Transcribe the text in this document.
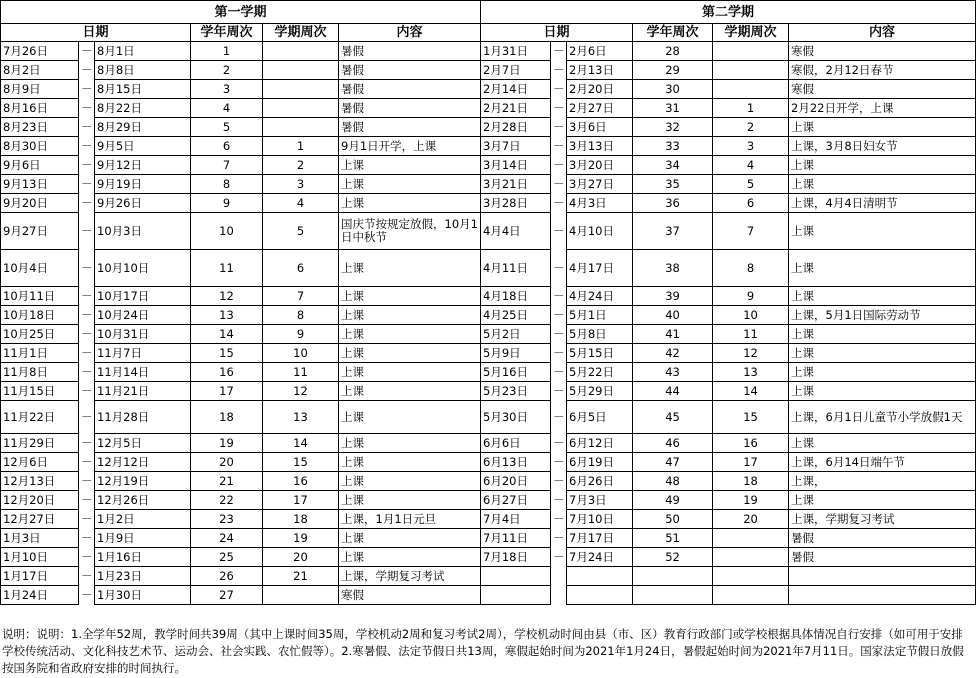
第一学期						第二学期					
日期			学年周次	学期周次	内容	日期			学年周次	学期周次	内容
7月26日	－	8月1日	1		暑假	1月31日	－	2月6日	28		寒假
8月2日	－	8月8日	2		暑假	2月7日	－	2月13日	29		寒假，2月12日春节
8月9日	－	8月15日	3		暑假	2月14日	－	2月20日	30		寒假
8月16日	－	8月22日	4		暑假	2月21日	－	2月27日	31	1	2月22日开学，上课
8月23日	－	8月29日	5		暑假	2月28日	－	3月6日	32	2	上课
8月30日	－	9月5日	6	1	9月1日开学，上课	3月7日	－	3月13日	33	3	上课，3月8日妇女节
9月6日	－	9月12日	7	2	上课	3月14日	－	3月20日	34	4	上课
9月13日	－	9月19日	8	3	上课	3月21日	－	3月27日	35	5	上课
9月20日	－	9月26日	9	4	上课	3月28日	－	4月3日	36	6	上课，4月4日清明节
9月27日	－	10月3日	10	5	国庆节按规定放假，10月1日中秋节	4月4日	－	4月10日	37	7	上课
10月4日	－	10月10日	11	6	上课	4月11日	－	4月17日	38	8	上课
10月11日	－	10月17日	12	7	上课	4月18日	－	4月24日	39	9	上课
10月18日	－	10月24日	13	8	上课	4月25日	－	5月1日	40	10	上课，5月1日国际劳动节
10月25日	－	10月31日	14	9	上课	5月2日	－	5月8日	41	11	上课
11月1日	－	11月7日	15	10	上课	5月9日	－	5月15日	42	12	上课
11月8日	－	11月14日	16	11	上课	5月16日	－	5月22日	43	13	上课
11月15日	－	11月21日	17	12	上课	5月23日	－	5月29日	44	14	上课
11月22日	－	11月28日	18	13	上课	5月30日	－	6月5日	45	15	上课，6月1日儿童节小学放假1天
11月29日	－	12月5日	19	14	上课	6月6日	－	6月12日	46	16	上课
12月6日	－	12月12日	20	15	上课	6月13日	－	6月19日	47	17	上课，6月14日端午节
12月13日	－	12月19日	21	16	上课	6月20日	－	6月26日	48	18	上课，
12月20日	－	12月26日	22	17	上课	6月27日	－	7月3日	49	19	上课
12月27日	－	1月2日	23	18	上课，1月1日元旦	7月4日	－	7月10日	50	20	上课，学期复习考试
1月3日	－	1月9日	24	19	上课	7月11日	－	7月17日	51		暑假
1月10日	－	1月16日	25	20	上课	7月18日	－	7月24日	52		暑假
1月17日	－	1月23日	26	21	上课，学期复习考试						
1月24日	－	1月30日	27		寒假						
说明：说明：1.全学年52周，教学时间共39周（其中上课时间35周，学校机动2周和复习考试2周），学校机动时间由县（市、区）教育行政部门或学校根据具体情况自行安排（如可用于安排学校传统活动、文化科技艺术节、运动会、社会实践、农忙假等）。2.寒暑假、法定节假日共13周，寒假起始时间为2021年1月24日，暑假起始时间为2021年7月11日。国家法定节假日放假按国务院和省政府安排的时间执行。
